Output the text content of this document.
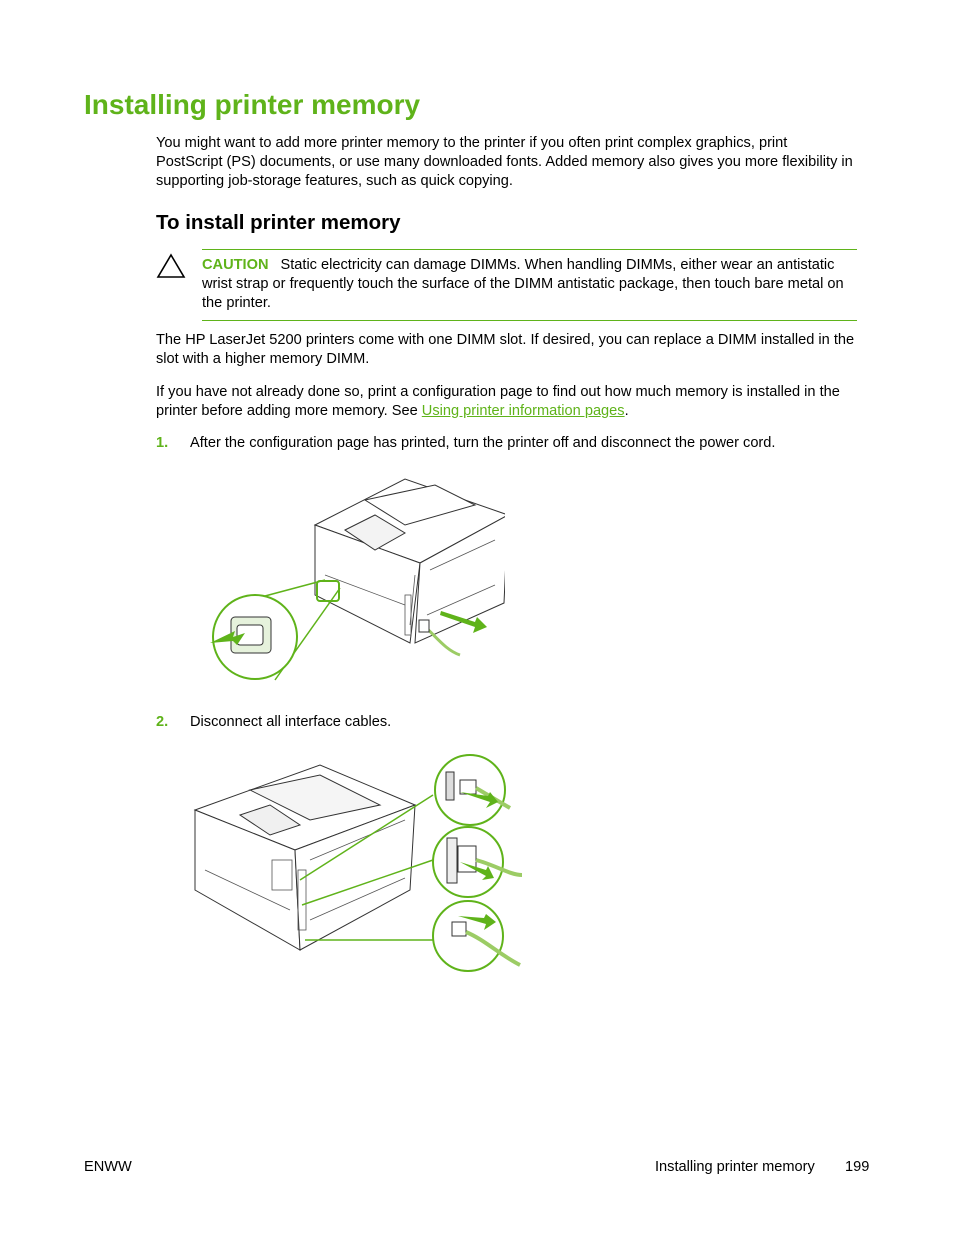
Installing printer memory

You might want to add more printer memory to the printer if you often print complex graphics, print PostScript (PS) documents, or use many downloaded fonts. Added memory also gives you more flexibility in supporting job-storage features, such as quick copying.

To install printer memory
CAUTION Static electricity can damage DIMMs. When handling DIMMs, either wear an antistatic wrist strap or frequently touch the surface of the DIMM antistatic package, then touch bare metal on the printer.

The HP LaserJet 5200 printers come with one DIMM slot. If desired, you can replace a DIMM installed in the slot with a higher memory DIMM.

If you have not already done so, print a configuration page to find out how much memory is installed in the printer before adding more memory. See Using printer information pages.

1. After the configuration page has printed, turn the printer off and disconnect the power cord.
2. Disconnect all interface cables.
ENWW	Installing printer memory 199
